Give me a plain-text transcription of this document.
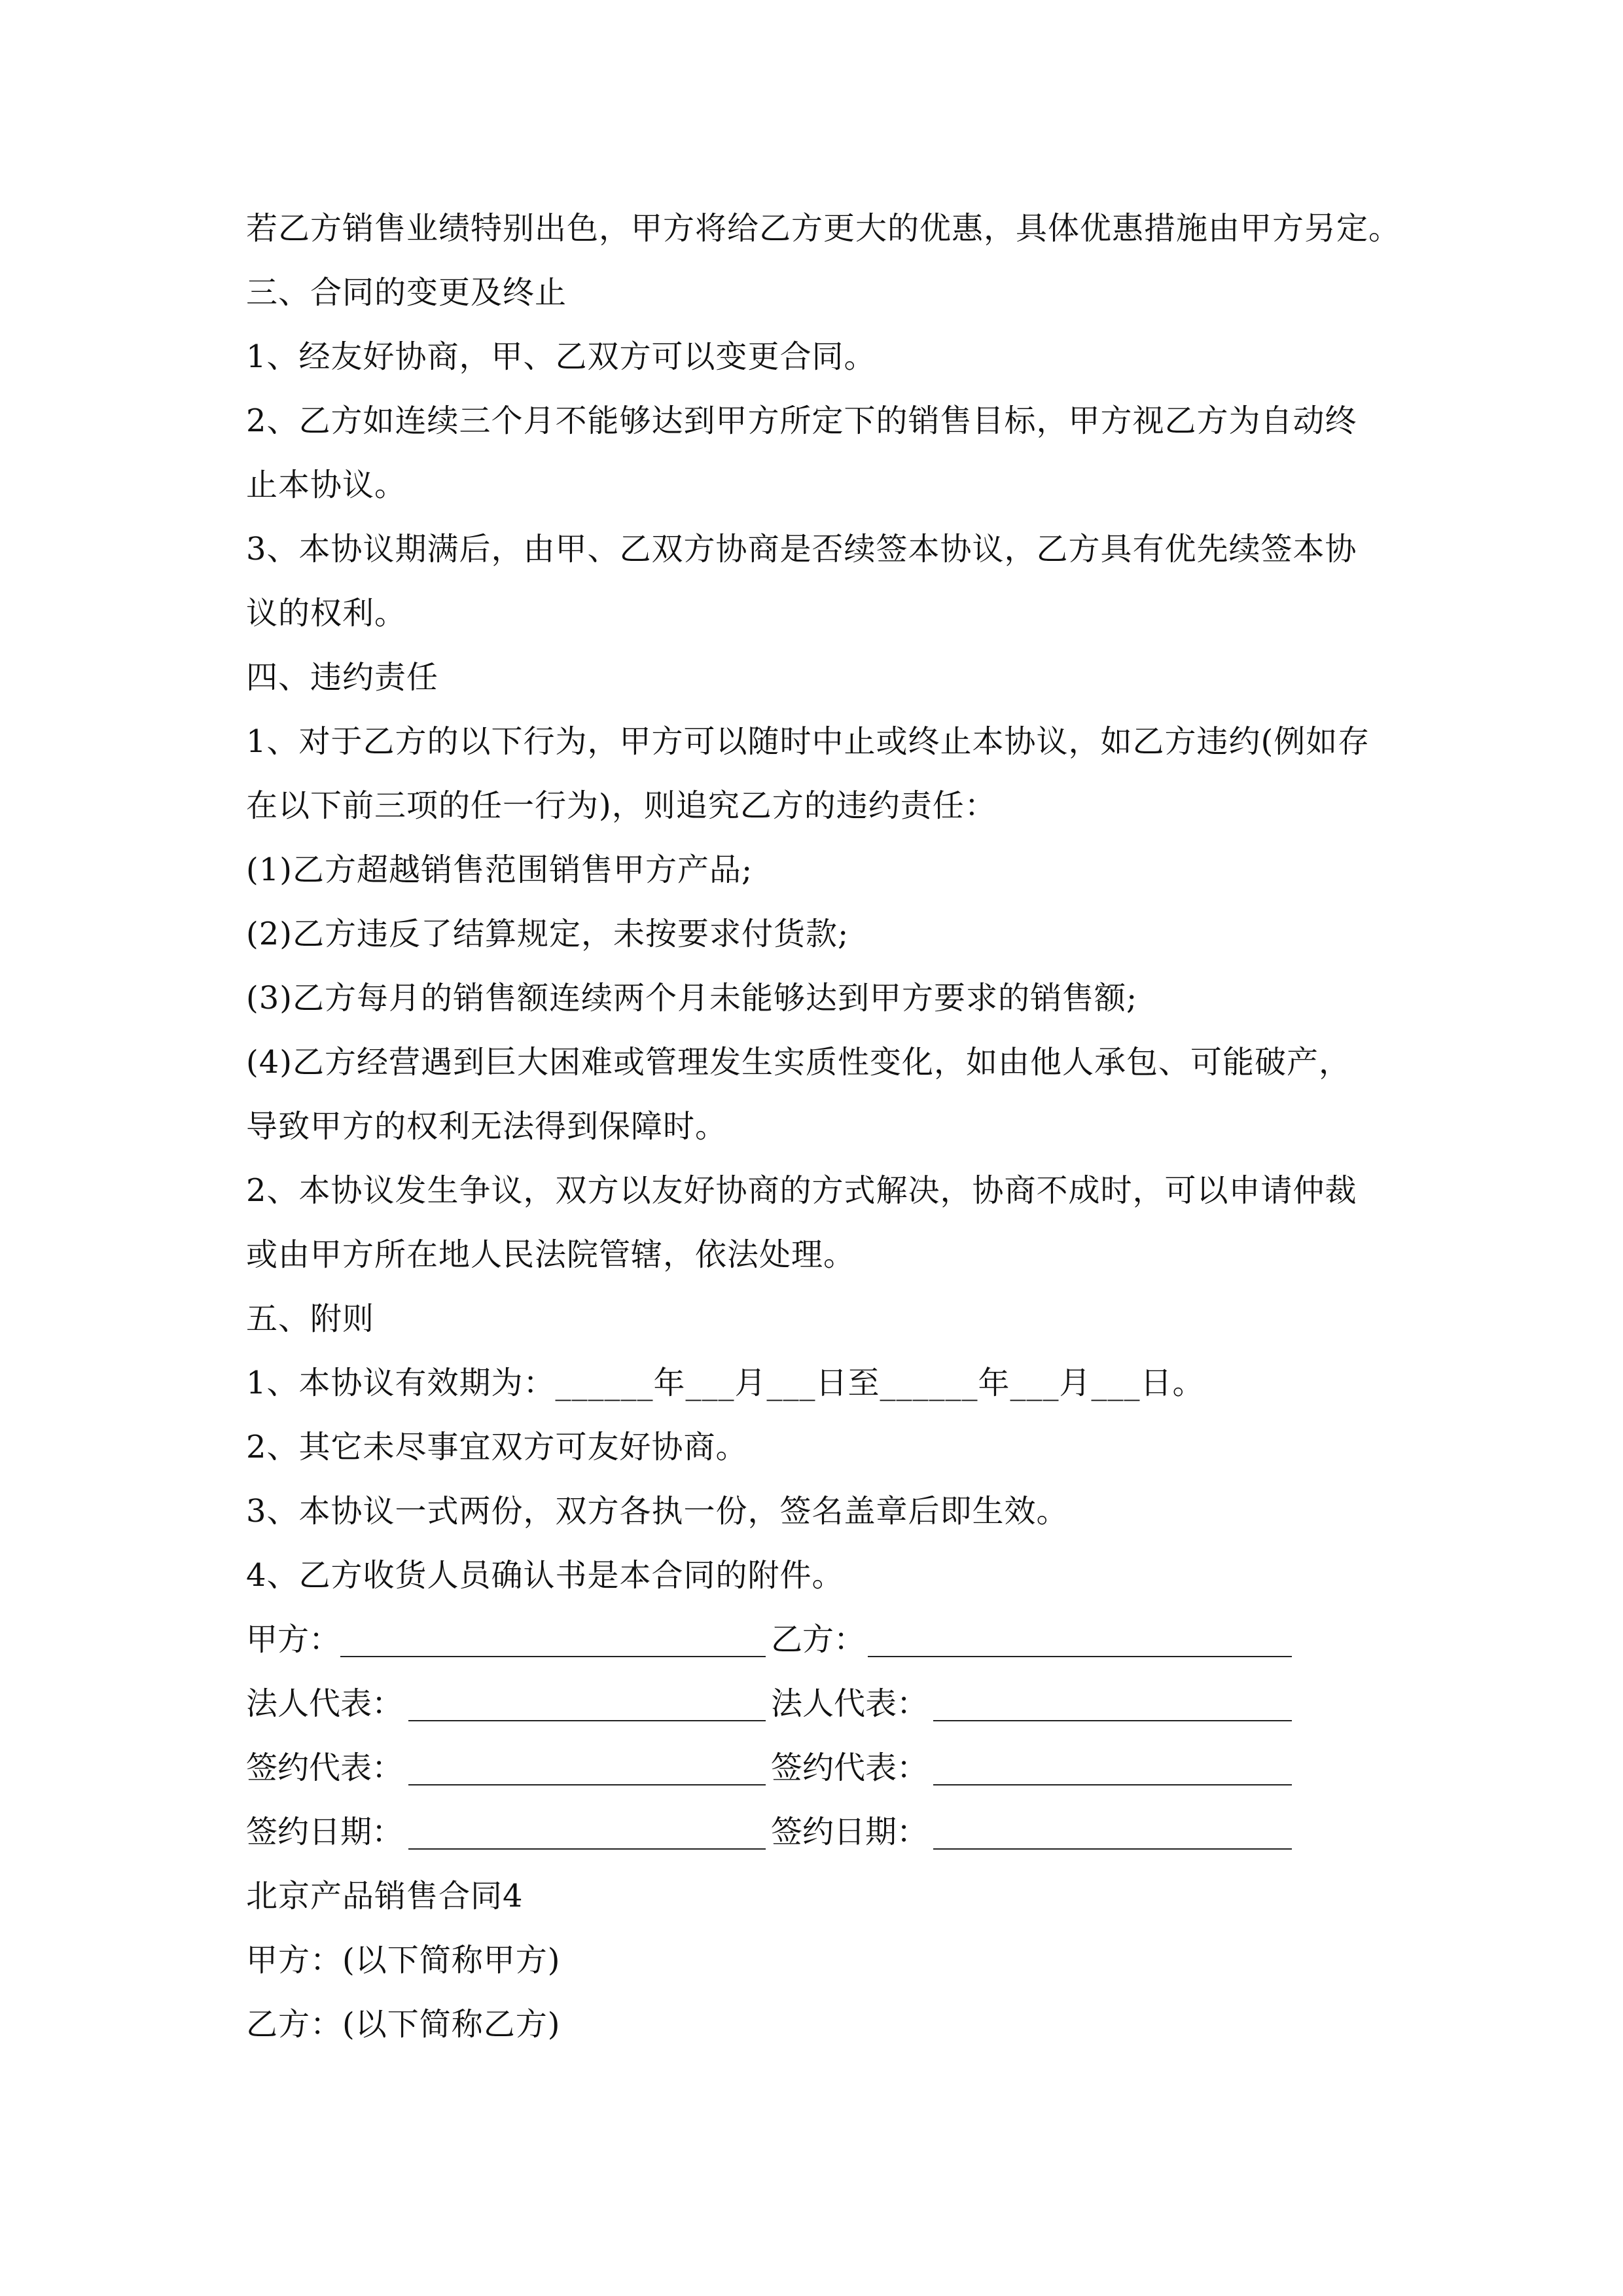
若乙方销售业绩特别出色，甲方将给乙方更大的优惠，具体优惠措施由甲方另定。
三、合同的变更及终止
1、经友好协商，甲、乙双方可以变更合同。
2、乙方如连续三个月不能够达到甲方所定下的销售目标，甲方视乙方为自动终
止本协议。
3、本协议期满后，由甲、乙双方协商是否续签本协议，乙方具有优先续签本协
议的权利。
四、违约责任
1、对于乙方的以下行为，甲方可以随时中止或终止本协议，如乙方违约(例如存
在以下前三项的任一行为)，则追究乙方的违约责任：
(1)乙方超越销售范围销售甲方产品;
(2)乙方违反了结算规定，未按要求付货款;
(3)乙方每月的销售额连续两个月未能够达到甲方要求的销售额;
(4)乙方经营遇到巨大困难或管理发生实质性变化，如由他人承包、可能破产，
导致甲方的权利无法得到保障时。
2、本协议发生争议，双方以友好协商的方式解决，协商不成时，可以申请仲裁
或由甲方所在地人民法院管辖，依法处理。
五、附则
1、本协议有效期为：______年___月___日至______年___月___日。
2、其它未尽事宜双方可友好协商。
3、本协议一式两份，双方各执一份，签名盖章后即生效。
4、乙方收货人员确认书是本合同的附件。
甲方：	乙方：
法人代表：	法人代表：
签约代表：	签约代表：
签约日期：	签约日期：
北京产品销售合同4
甲方：(以下简称甲方)
乙方：(以下简称乙方)
